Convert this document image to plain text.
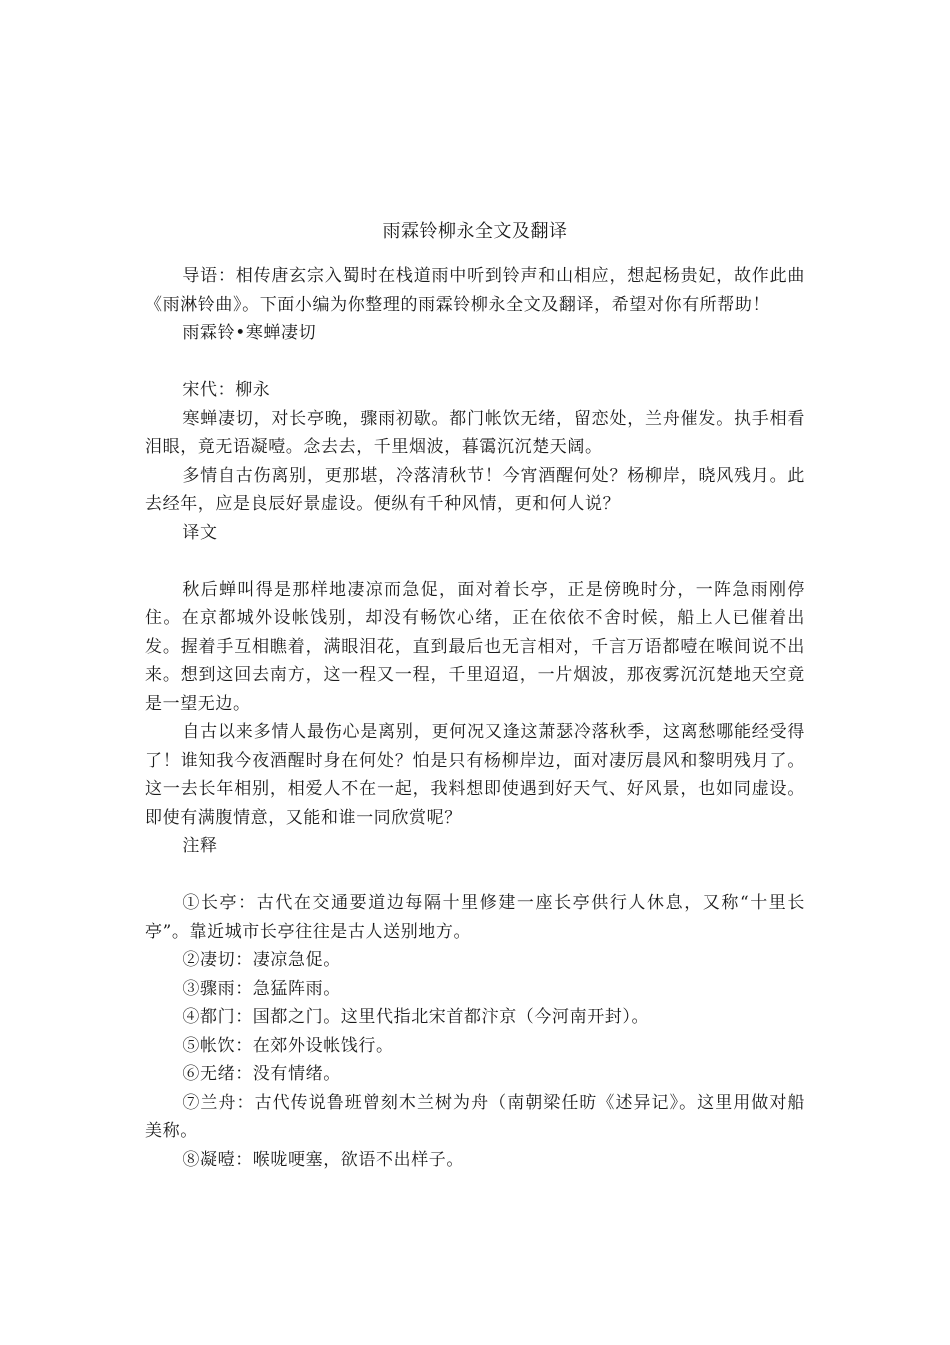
雨霖铃柳永全文及翻译

导语：相传唐玄宗入蜀时在栈道雨中听到铃声和山相应，想起杨贵妃，故作此曲《雨淋铃曲》。下面小编为你整理的雨霖铃柳永全文及翻译，希望对你有所帮助！

雨霖铃•寒蝉凄切

宋代：柳永

寒蝉凄切，对长亭晚，骤雨初歇。都门帐饮无绪，留恋处，兰舟催发。执手相看泪眼，竟无语凝噎。念去去，千里烟波，暮霭沉沉楚天阔。

多情自古伤离别，更那堪，冷落清秋节！今宵酒醒何处？杨柳岸，晓风残月。此去经年，应是良辰好景虚设。便纵有千种风情，更和何人说？

译文

秋后蝉叫得是那样地凄凉而急促，面对着长亭，正是傍晚时分，一阵急雨刚停住。在京都城外设帐饯别，却没有畅饮心绪，正在依依不舍时候，船上人已催着出发。握着手互相瞧着，满眼泪花，直到最后也无言相对，千言万语都噎在喉间说不出来。想到这回去南方，这一程又一程，千里迢迢，一片烟波，那夜雾沉沉楚地天空竟是一望无边。

自古以来多情人最伤心是离别，更何况又逢这萧瑟冷落秋季，这离愁哪能经受得了！谁知我今夜酒醒时身在何处？怕是只有杨柳岸边，面对凄厉晨风和黎明残月了。这一去长年相别，相爱人不在一起，我料想即使遇到好天气、好风景，也如同虚设。即使有满腹情意，又能和谁一同欣赏呢？

注释

①长亭：古代在交通要道边每隔十里修建一座长亭供行人休息，又称“十里长亭”。靠近城市长亭往往是古人送别地方。

②凄切：凄凉急促。

③骤雨：急猛阵雨。

④都门：国都之门。这里代指北宋首都汴京（今河南开封）。

⑤帐饮：在郊外设帐饯行。

⑥无绪：没有情绪。

⑦兰舟：古代传说鲁班曾刻木兰树为舟（南朝梁任昉《述异记》。这里用做对船美称。

⑧凝噎：喉咙哽塞，欲语不出样子。
